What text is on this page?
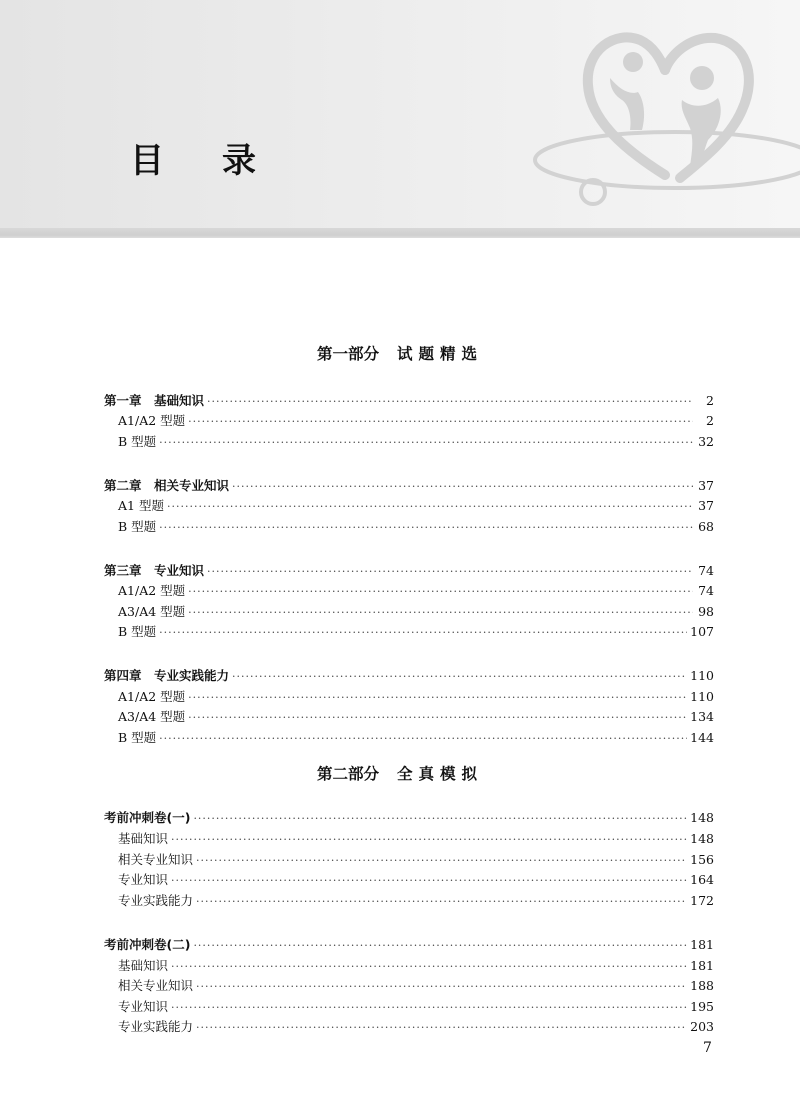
目录
第一部分 试题精选
第一章　基础知识 ·····	2
A1/A2 型题 ·····	2
B 型题 ·····	32
第二章　相关专业知识 ·····	37
A1 型题 ·····	37
B 型题 ·····	68
第三章　专业知识 ·····	74
A1/A2 型题 ·····	74
A3/A4 型题 ·····	98
B 型题 ·····	107
第四章　专业实践能力 ·····	110
A1/A2 型题 ·····	110
A3/A4 型题 ·····	134
B 型题 ·····	144
第二部分 全真模拟
考前冲刺卷(一) ·····	148
基础知识 ·····	148
相关专业知识 ·····	156
专业知识 ·····	164
专业实践能力 ·····	172
考前冲刺卷(二) ·····	181
基础知识 ·····	181
相关专业知识 ·····	188
专业知识 ·····	195
专业实践能力 ·····	203
7
